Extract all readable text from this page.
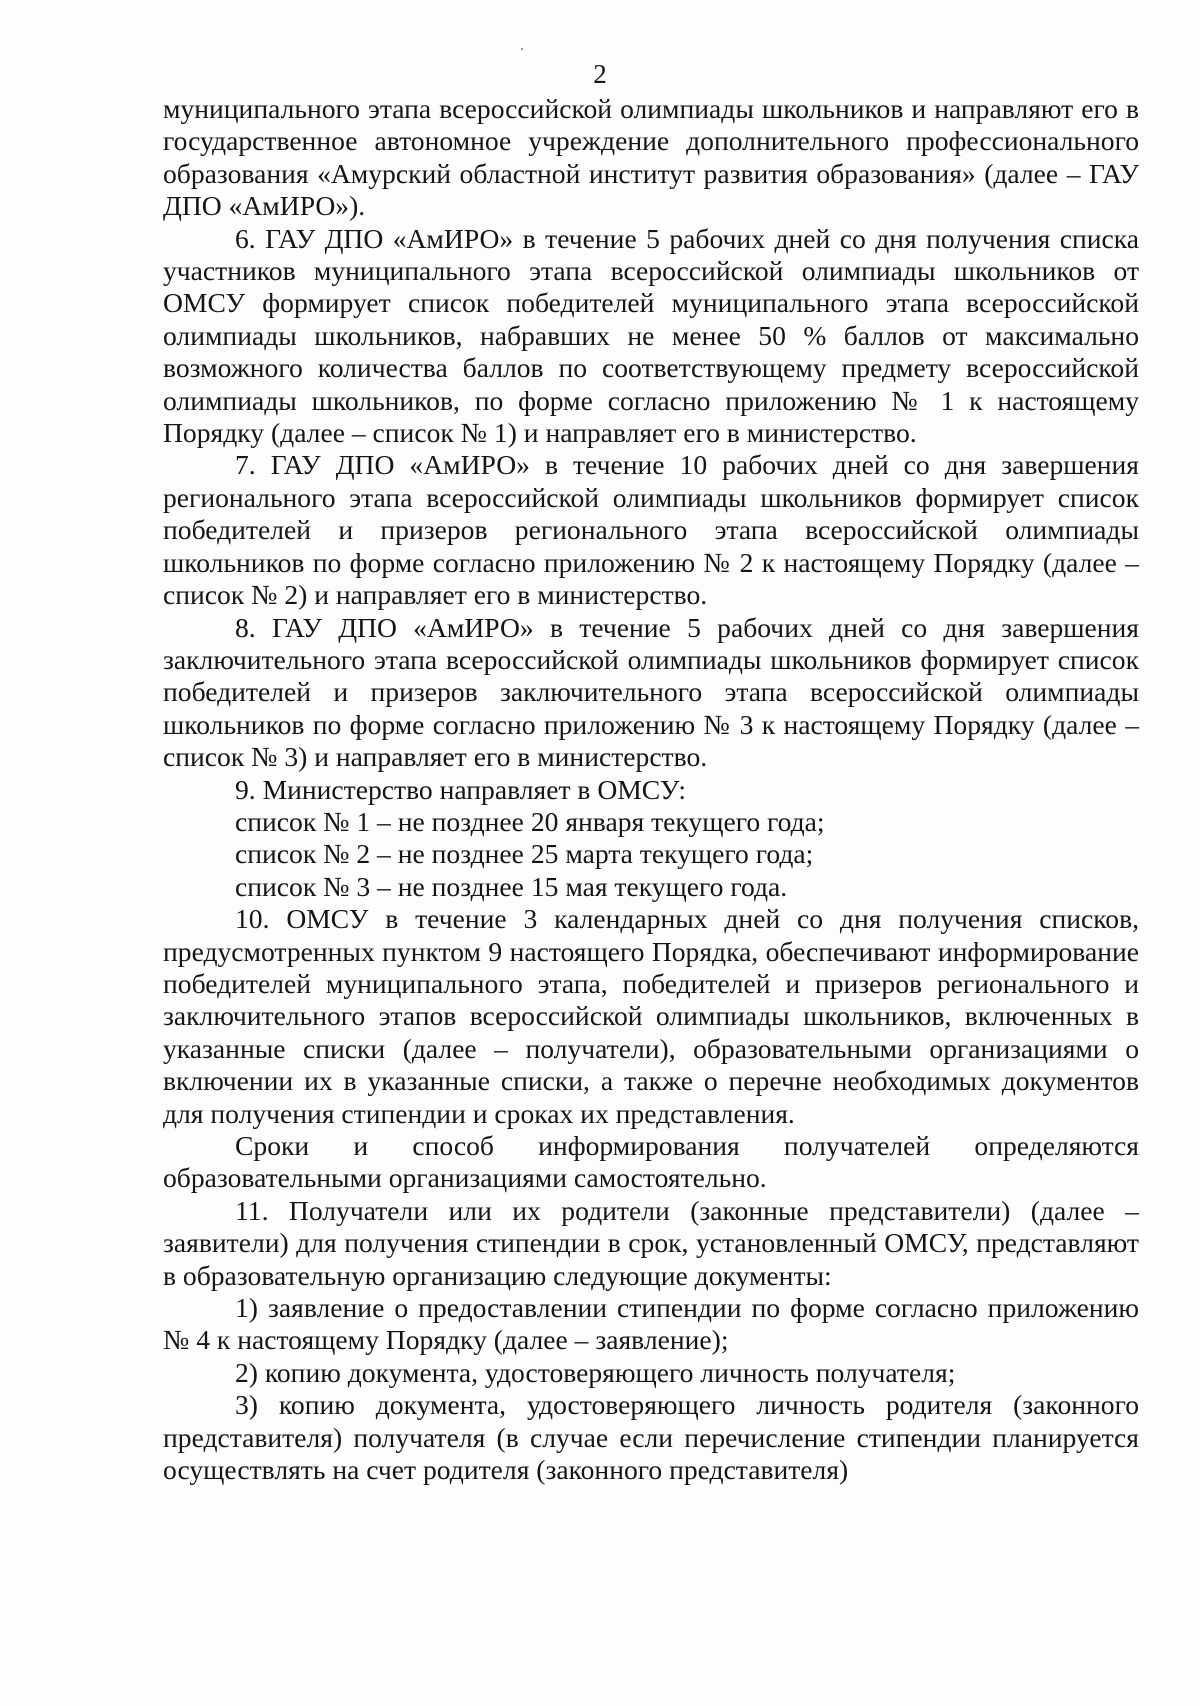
2

муниципального этапа всероссийской олимпиады школьников и направляют его в государственное автономное учреждение дополнительного профессионального образования «Амурский областной институт развития образования» (далее – ГАУ ДПО «АмИРО»).

6. ГАУ ДПО «АмИРО» в течение 5 рабочих дней со дня получения списка участников муниципального этапа всероссийской олимпиады школьников от ОМСУ формирует список победителей муниципального этапа всероссийской олимпиады школьников, набравших не менее 50 % баллов от максимально возможного количества баллов по соответствующему предмету всероссийской олимпиады школьников, по форме согласно приложению № 1 к настоящему Порядку (далее – список № 1) и направляет его в министерство.

7. ГАУ ДПО «АмИРО» в течение 10 рабочих дней со дня завершения регионального этапа всероссийской олимпиады школьников формирует список победителей и призеров регионального этапа всероссийской олимпиады школьников по форме согласно приложению № 2 к настоящему Порядку (далее – список № 2) и направляет его в министерство.

8. ГАУ ДПО «АмИРО» в течение 5 рабочих дней со дня завершения заключительного этапа всероссийской олимпиады школьников формирует список победителей и призеров заключительного этапа всероссийской олимпиады школьников по форме согласно приложению № 3 к настоящему Порядку (далее – список № 3) и направляет его в министерство.

9. Министерство направляет в ОМСУ:

список № 1 – не позднее 20 января текущего года;

список № 2 – не позднее 25 марта текущего года;

список № 3 – не позднее 15 мая текущего года.

10. ОМСУ в течение 3 календарных дней со дня получения списков, предусмотренных пунктом 9 настоящего Порядка, обеспечивают информирование победителей муниципального этапа, победителей и призеров регионального и заключительного этапов всероссийской олимпиады школьников, включенных в указанные списки (далее – получатели), образовательными организациями о включении их в указанные списки, а также о перечне необходимых документов для получения стипендии и сроках их представления.

Сроки и способ информирования получателей определяются образовательными организациями самостоятельно.

11. Получатели или их родители (законные представители) (далее – заявители) для получения стипендии в срок, установленный ОМСУ, представляют в образовательную организацию следующие документы:

1) заявление о предоставлении стипендии по форме согласно приложению № 4 к настоящему Порядку (далее – заявление);

2) копию документа, удостоверяющего личность получателя;

3) копию документа, удостоверяющего личность родителя (законного представителя) получателя (в случае если перечисление стипендии планируется осуществлять на счет родителя (законного представителя)
